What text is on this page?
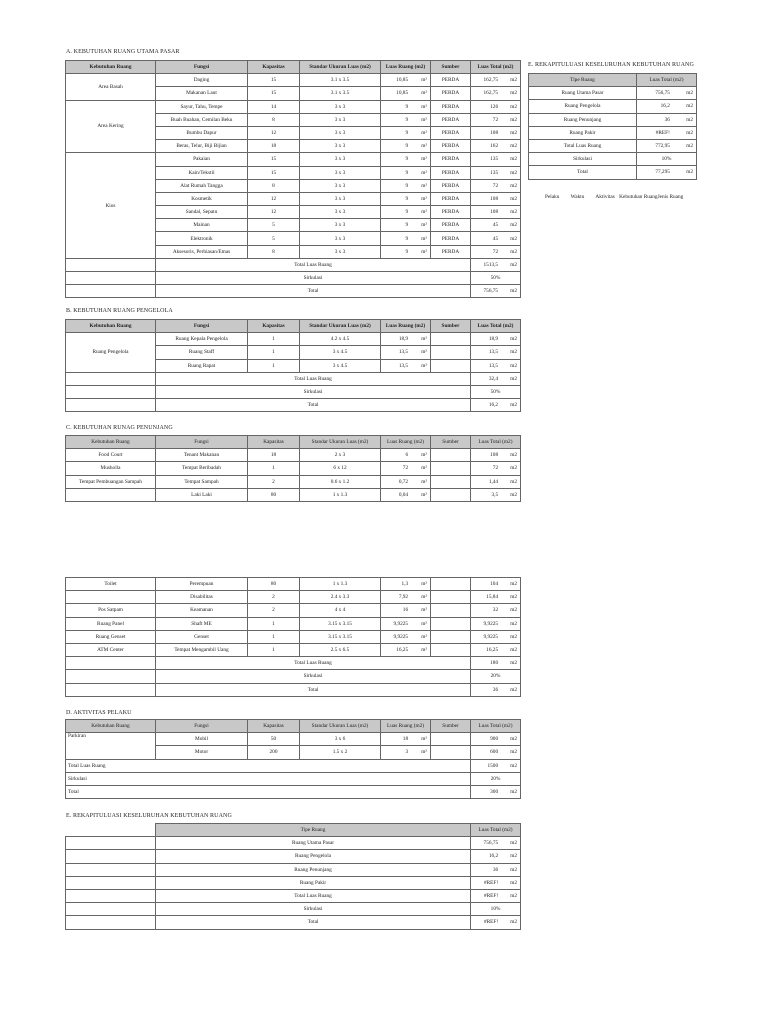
A. KEBUTUHAN RUANG UTAMA PASAR
Kebutuhan Ruang	Fungsi	Kapasitas	Standar Ukuran Luas (m2)	Luas Ruang (m2)	Sumber	Luas Total (m2)
Area Basah	Daging	15	3.1 x 3.5	10,85 m²	PERDA	162,75 m2

	Makanan Laut	15	3.1 x 3.5	10,85 m²	PERDA	162,75 m2

Area Kering	Sayur, Tahu, Tempe	14	3 x 3	9 m²	PERDA	126 m2

	Buah Buahan, Cemilan Beku	8	3 x 3	9 m²	PERDA	72 m2

	Bumbu Dapur	12	3 x 3	9 m²	PERDA	108 m2

	Beras, Telur, Biji Bijian	18	3 x 3	9 m²	PERDA	162 m2

Kios	Pakaian	15	3 x 3	9 m²	PERDA	135 m2

	Kain/Tekstil	15	3 x 3	9 m²	PERDA	135 m2

	Alat Rumah Tangga	8	3 x 3	9 m²	PERDA	72 m2

	Kosmetik	12	3 x 3	9 m²	PERDA	108 m2

	Sandal, Sepatu	12	3 x 3	9 m²	PERDA	108 m2

	Mainan	5	3 x 3	9 m²	PERDA	45 m2

	Elektronik	5	3 x 3	9 m²	PERDA	45 m2

	Aksesoris, Perhiasan/Emas	8	3 x 3	9 m²	PERDA	72 m2

	Total Luas Ruang					1513,5 m2

	Sirkulasi					50%
	Total					756,75 m2
E. REKAPITULUASI KESELURUHAN KEBUTUHAN RUANG
Tipe Ruang	Luas Total (m2)
Ruang Utama Pasar	756,75 m2

Ruang Pengelola	16,2 m2

Ruang Penunjang	36 m2

Ruang Pakir	#REF! m2

Total Luas Ruang	772,95 m2

Sirkulasi	10%
Total	77,295 m2
Pelaku Waktu Aktivitas Kebutuhan RuangJenis Ruang
B. KEBUTUHAN RUANG PENGELOLA
Kebutuhan Ruang	Fungsi	Kapasitas	Standar Ukuran Luas (m2)	Luas Ruang (m2)	Sumber	Luas Total (m2)
Ruang Pengelola	Ruang Kepala Pengelola	1	4.2 x 4.5	18,9 m²		18,9 m2

	Ruang Staff	1	3 x 4.5	13,5 m²		13,5 m2

	Ruang Rapat	1	3 x 4.5	13,5 m²		13,5 m2

	Total Luas Ruang					32,4 m2

	Sirkulasi					50%
	Total					16,2 m2
C. KEBUTUHAN RUNAG PENUNJANG
Kebutuhan Ruang	Fungsi	Kapasitas	Standar Ukuran Luas (m2)	Luas Ruang (m2)	Sumber	Luas Total (m2)
Food Court	Tenant Makanan	18	2 x 3	6 m²		108 m2

Mushollа	Tempat Beribadah	1	6 x 12	72 m²		72 m2

Tempat Pembuangan Sampah	Tempat Sampah	2	0.6 x 1.2	0,72 m²		1,44 m2

	Laki Laki	80	1 x 1.3	0,04 m²		3,5 m2
Toilet	Perempuan	80	1 x 1.3	1,3 m²		104 m2

	Disabilitas	2	2.4 x 3.3	7,92 m²		15,84 m2

Pos Satpam	Keamanan	2	4 x 4	16 m²		32 m2

Ruang Panel	Shaft ME	1	3.15 x 3.15	9,9225 m²		9,9225 m2

Ruang Genset	Genset	1	3.15 x 3.15	9,9225 m²		9,9225 m2

ATM Center	Tempat Mengambil Uang	1	2.5 x 6.5	16,25 m²		16,25 m2

	Total Luas Ruang					180 m2

	Sirkulasi					20%
	Total					36 m2
D. AKTIVITAS PELAKU
Kebutuhan Ruang	Fungsi	Kapasitas	Standar Ukuran Luas (m2)	Luas Ruang (m2)	Sumber	Luas Total (m2)
Parkiran	Mobil	50	3 x 6	18 m²		900 m2

	Motor	200	1.5 x 2	3 m²		600 m2

Total Luas Ruang						1500 m2

Sirkulasi						20%
Total						300 m2
E. REKAPITULUASI KESELURUHAN KEBUTUHAN RUANG
	Tipe Ruang	Luas Total (m2)
	Ruang Utama Pasar	756,75 m2

	Ruang Pengelola	16,2 m2

	Ruang Penunjang	36 m2

	Ruang Pakir	#REF! m2

	Total Luas Ruang	#REF! m2

	Sirkulasi	10%
	Total	#REF! m2
